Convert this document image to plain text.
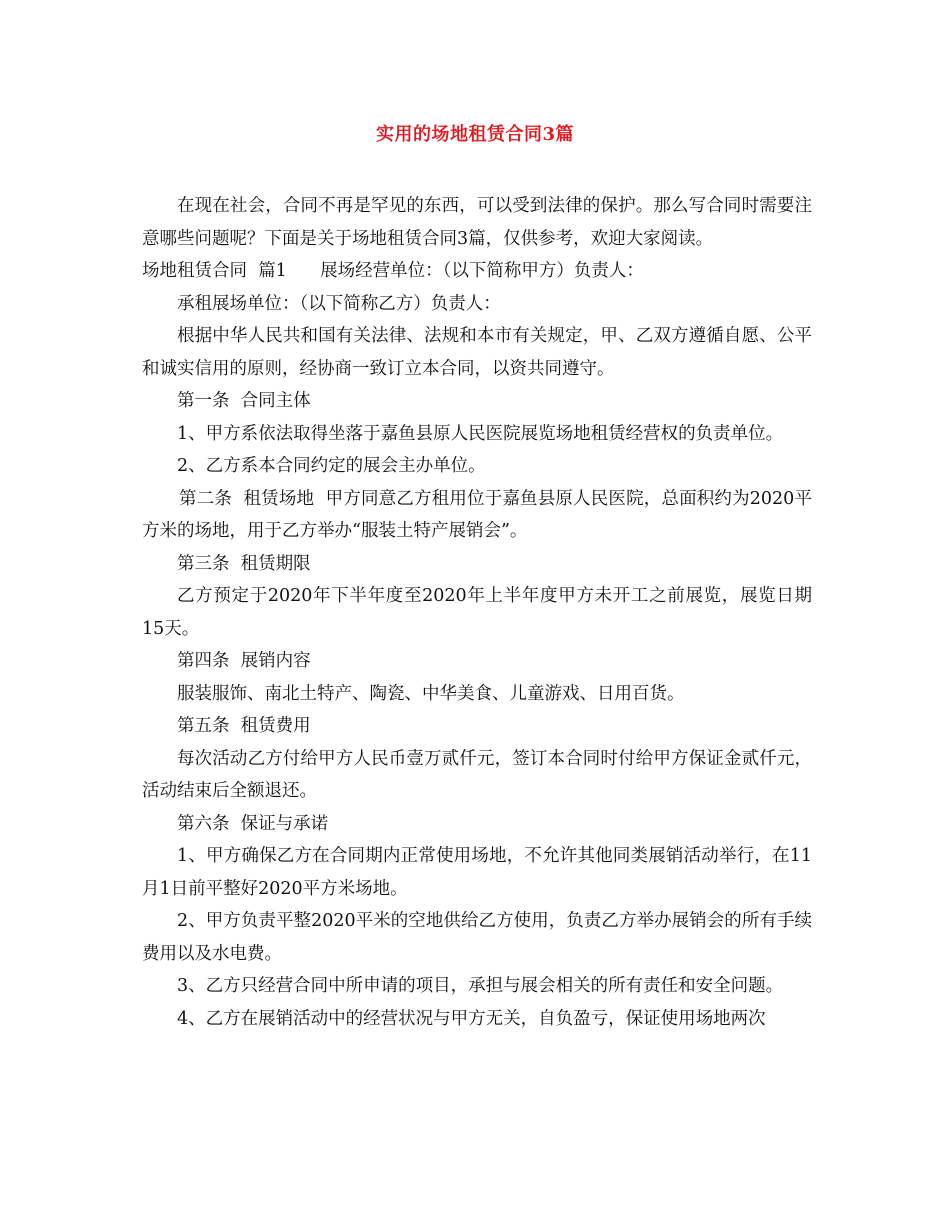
实用的场地租赁合同3篇

在现在社会，合同不再是罕见的东西，可以受到法律的保护。那么写合同时需要注意哪些问题呢？下面是关于场地租赁合同3篇，仅供参考，欢迎大家阅读。

场地租赁合同  篇1      展场经营单位：（以下简称甲方）负责人：

承租展场单位：（以下简称乙方）负责人：

根据中华人民共和国有关法律、法规和本市有关规定，甲、乙双方遵循自愿、公平和诚实信用的原则，经协商一致订立本合同，以资共同遵守。

第一条  合同主体

1、甲方系依法取得坐落于嘉鱼县原人民医院展览场地租赁经营权的负责单位。

2、乙方系本合同约定的展会主办单位。

第二条  租赁场地  甲方同意乙方租用位于嘉鱼县原人民医院，总面积约为2020平方米的场地，用于乙方举办“服装土特产展销会”。

第三条  租赁期限

乙方预定于2020年下半年度至2020年上半年度甲方未开工之前展览，展览日期15天。

第四条  展销内容

服装服饰、南北土特产、陶瓷、中华美食、儿童游戏、日用百货。

第五条  租赁费用

每次活动乙方付给甲方人民币壹万贰仟元，签订本合同时付给甲方保证金贰仟元，活动结束后全额退还。

第六条  保证与承诺

1、甲方确保乙方在合同期内正常使用场地，不允许其他同类展销活动举行，在11月1日前平整好2020平方米场地。

2、甲方负责平整2020平米的空地供给乙方使用，负责乙方举办展销会的所有手续费用以及水电费。

3、乙方只经营合同中所申请的项目，承担与展会相关的所有责任和安全问题。

4、乙方在展销活动中的经营状况与甲方无关，自负盈亏，保证使用场地两次
